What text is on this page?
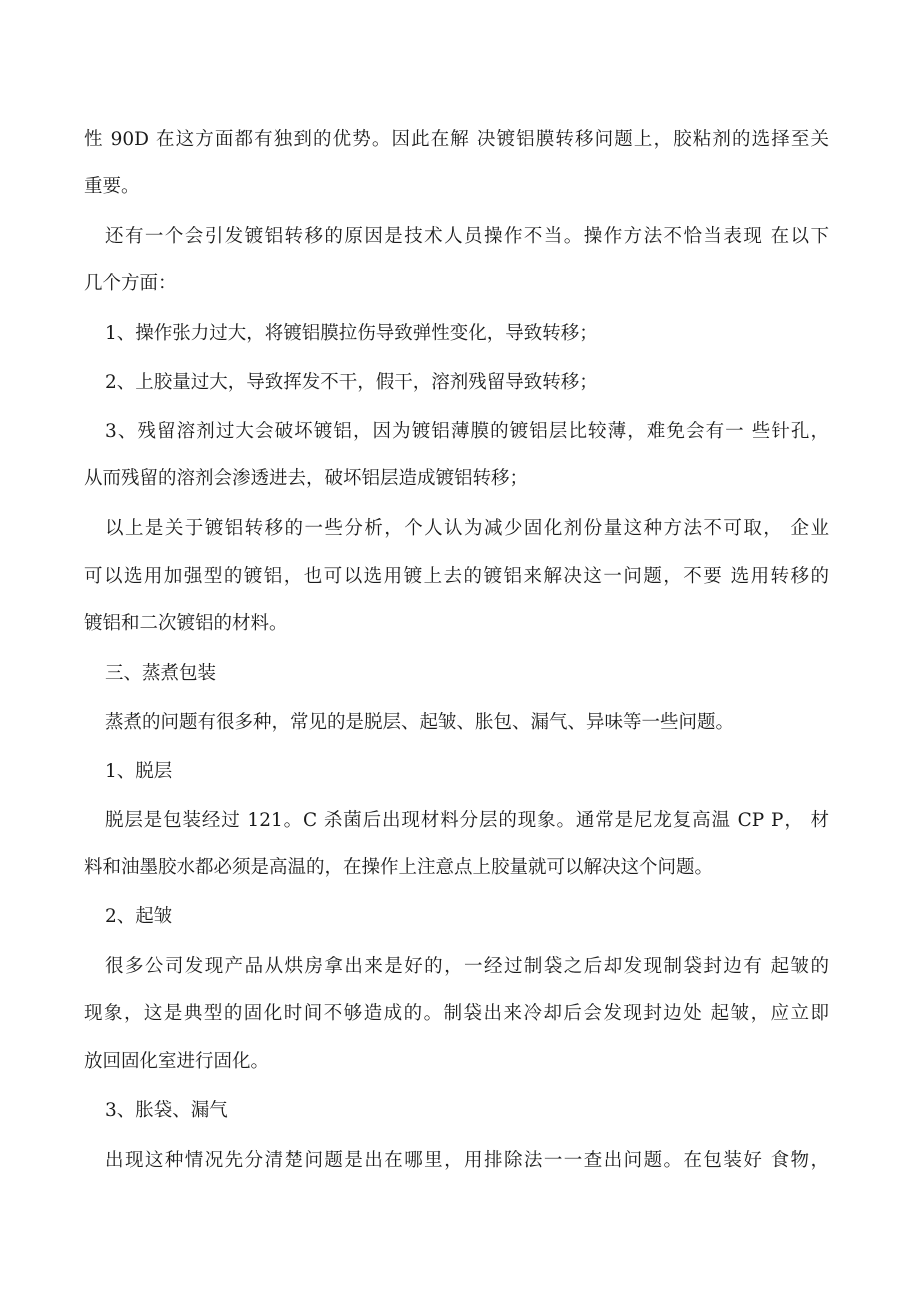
性 90D 在这方面都有独到的优势。因此在解 决镀铝膜转移问题上，胶粘剂的选择至关
重要。
还有一个会引发镀铝转移的原因是技术人员操作不当。操作方法不恰当表现 在以下
几个方面：
1、操作张力过大，将镀铝膜拉伤导致弹性变化，导致转移；
2、上胶量过大，导致挥发不干，假干，溶剂残留导致转移；
3、残留溶剂过大会破坏镀铝，因为镀铝薄膜的镀铝层比较薄，难免会有一 些针孔，
从而残留的溶剂会渗透进去，破坏铝层造成镀铝转移；
以上是关于镀铝转移的一些分析，个人认为减少固化剂份量这种方法不可取， 企业
可以选用加强型的镀铝，也可以选用镀上去的镀铝来解决这一问题，不要 选用转移的
镀铝和二次镀铝的材料。
三、蒸煮包装
蒸煮的问题有很多种，常见的是脱层、起皱、胀包、漏气、异味等一些问题。
1、脱层
脱层是包装经过 121。C 杀菌后出现材料分层的现象。通常是尼龙复高温 CP P， 材
料和油墨胶水都必须是高温的，在操作上注意点上胶量就可以解决这个问题。
2、起皱
很多公司发现产品从烘房拿出来是好的，一经过制袋之后却发现制袋封边有 起皱的
现象，这是典型的固化时间不够造成的。制袋出来冷却后会发现封边处 起皱，应立即
放回固化室进行固化。
3、胀袋、漏气
出现这种情况先分清楚问题是出在哪里，用排除法一一查出问题。在包装好 食物，
